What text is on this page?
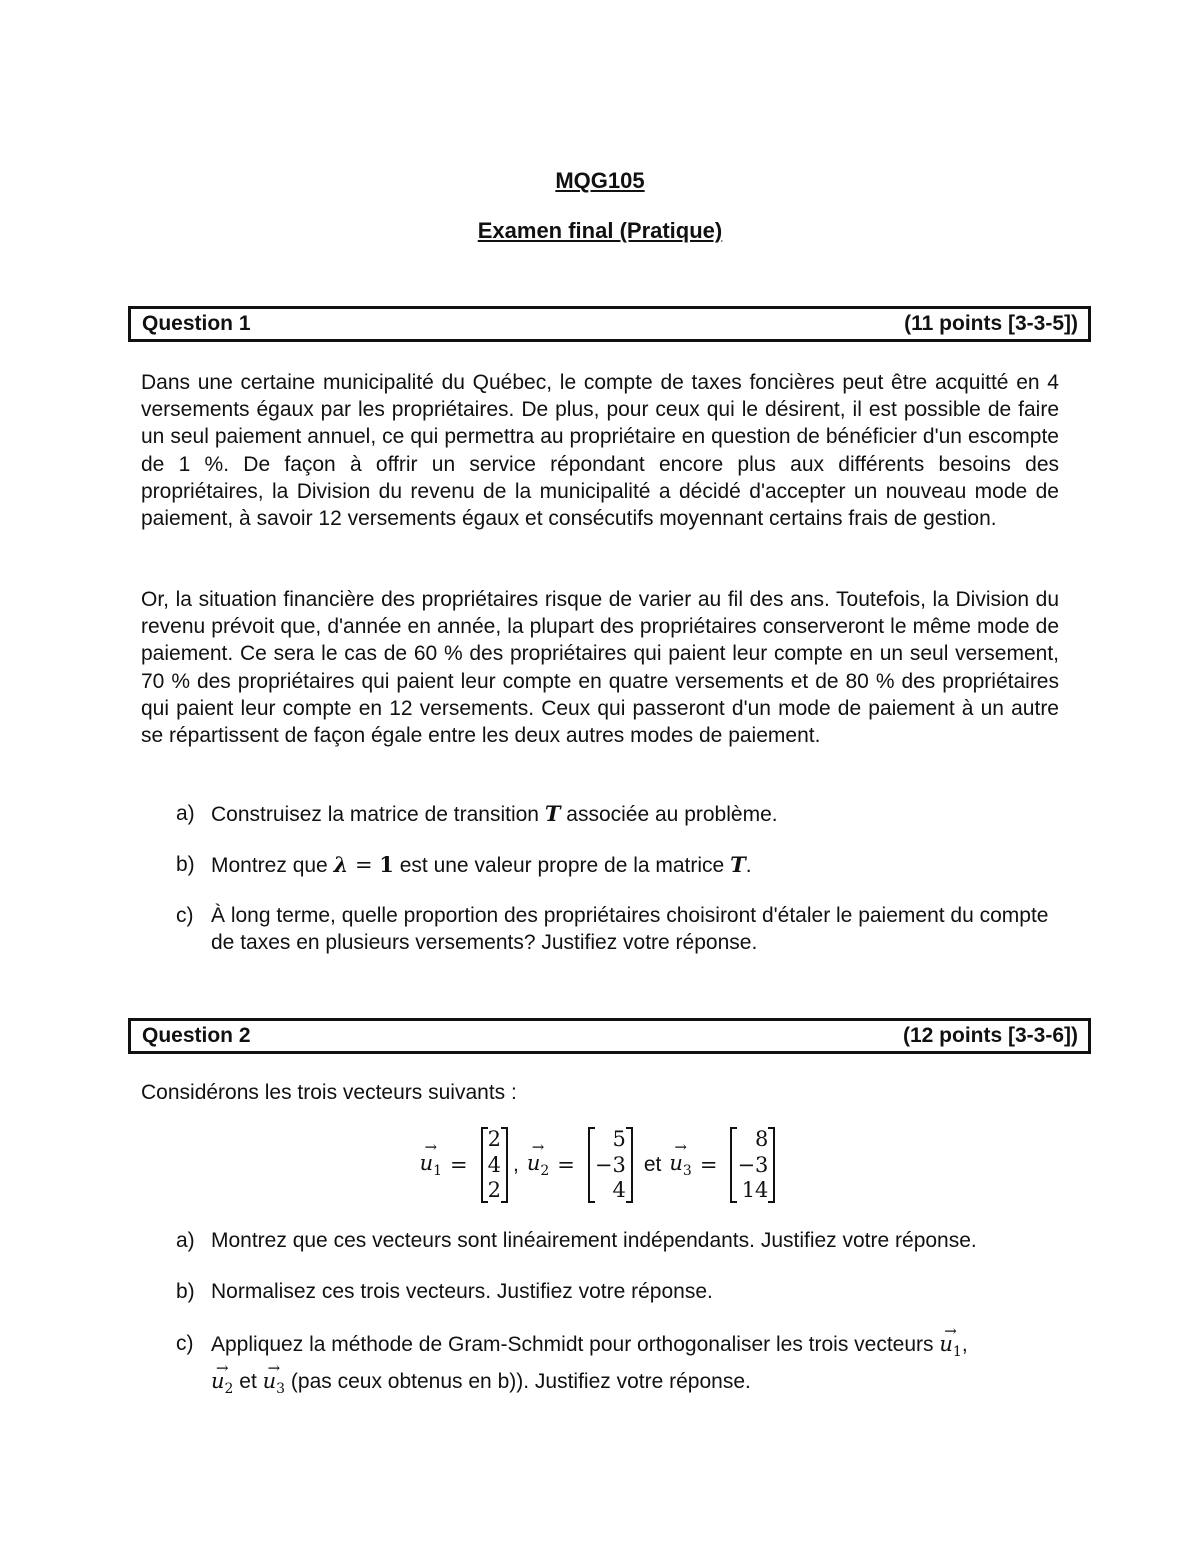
MQG105
Examen final (Pratique)
Question 1	(11 points [3-3-5])
Dans une certaine municipalité du Québec, le compte de taxes foncières peut être acquitté en 4 versements égaux par les propriétaires. De plus, pour ceux qui le désirent, il est possible de faire un seul paiement annuel, ce qui permettra au propriétaire en question de bénéficier d'un escompte de 1 %. De façon à offrir un service répondant encore plus aux différents besoins des propriétaires, la Division du revenu de la municipalité a décidé d'accepter un nouveau mode de paiement, à savoir 12 versements égaux et consécutifs moyennant certains frais de gestion.
Or, la situation financière des propriétaires risque de varier au fil des ans. Toutefois, la Division du revenu prévoit que, d'année en année, la plupart des propriétaires conserveront le même mode de paiement. Ce sera le cas de 60 % des propriétaires qui paient leur compte en un seul versement, 70 % des propriétaires qui paient leur compte en quatre versements et de 80 % des propriétaires qui paient leur compte en 12 versements. Ceux qui passeront d'un mode de paiement à un autre se répartissent de façon égale entre les deux autres modes de paiement.
a) Construisez la matrice de transition T associée au problème.
b) Montrez que λ = 1 est une valeur propre de la matrice T.
c) À long terme, quelle proportion des propriétaires choisiront d'étaler le paiement du compte de taxes en plusieurs versements? Justifiez votre réponse.
Question 2	(12 points [3-3-6])
Considérons les trois vecteurs suivants :
→ $u_1$ =
2
4
2
, → $u_2$ =
5
−3
4
et → $u_3$ =
8
−3
14
a) Montrez que ces vecteurs sont linéairement indépendants. Justifiez votre réponse.
b) Normalisez ces trois vecteurs. Justifiez votre réponse.
c) Appliquez la méthode de Gram-Schmidt pour orthogonaliser les trois vecteurs → $u_1$,
→ $u_2$ et → $u_3$ (pas ceux obtenus en b)). Justifiez votre réponse.
